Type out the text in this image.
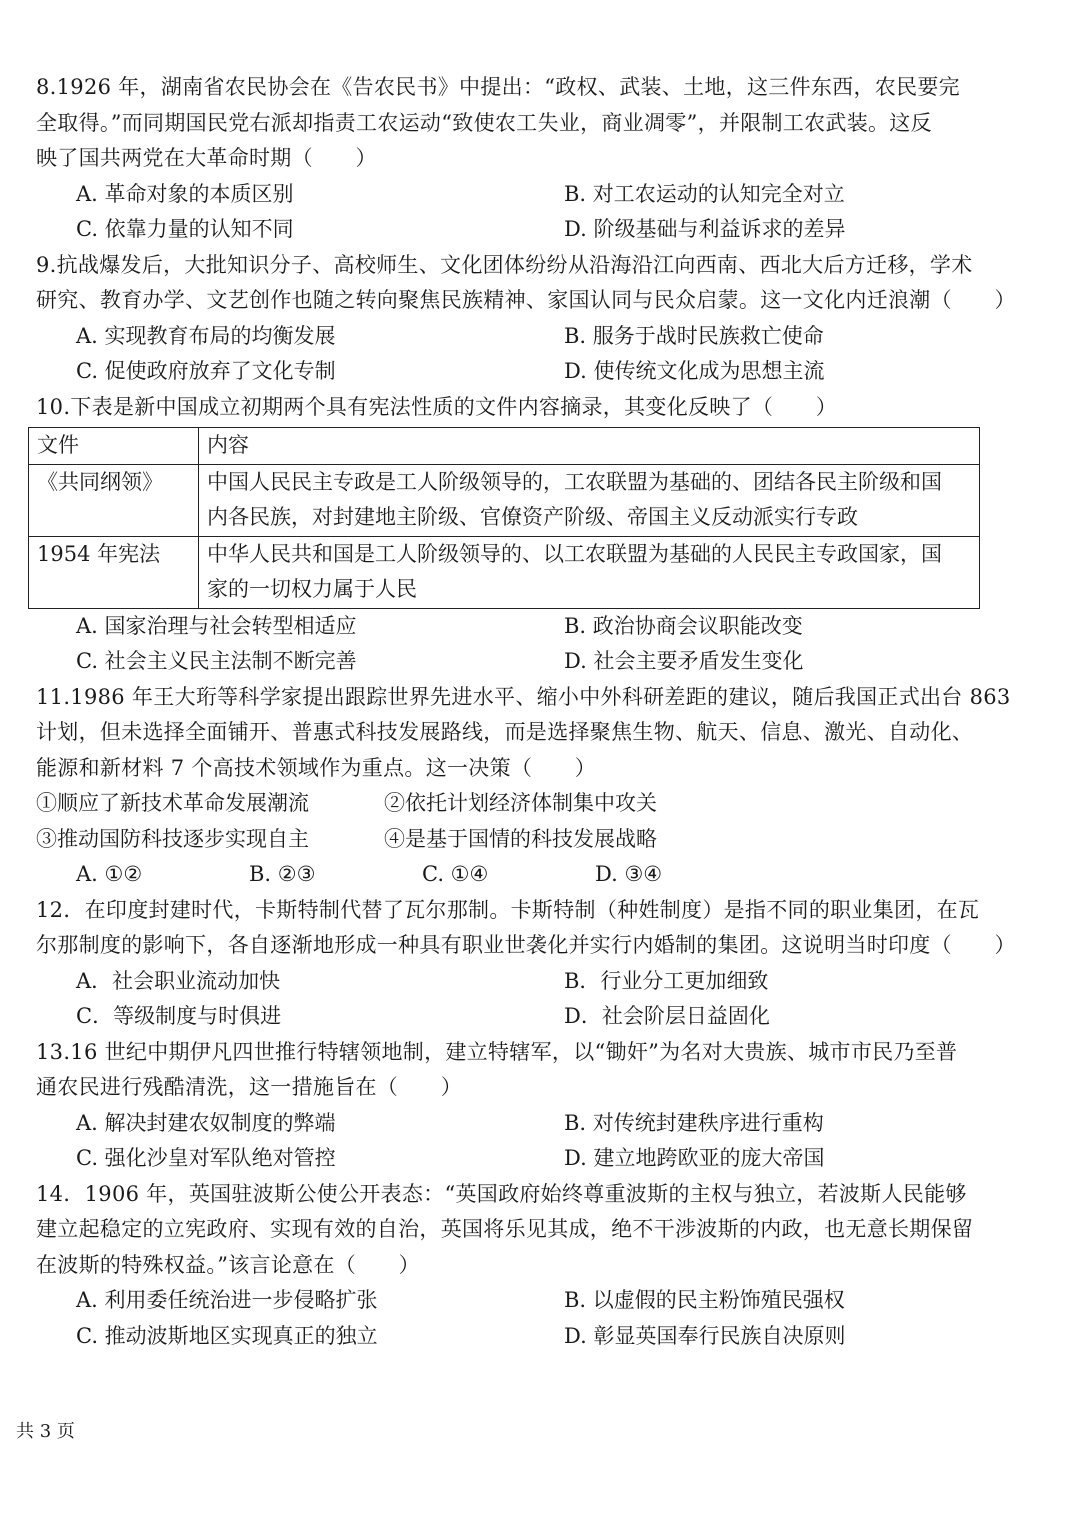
8.1926 年，湖南省农民协会在《告农民书》中提出：“政权、武装、土地，这三件东西，农民要完
全取得。”而同期国民党右派却指责工农运动“致使农工失业，商业凋零”，并限制工农武装。这反
映了国共两党在大革命时期（　　）
A. 革命对象的本质区别	B. 对工农运动的认知完全对立
C. 依靠力量的认知不同	D. 阶级基础与利益诉求的差异
9.抗战爆发后，大批知识分子、高校师生、文化团体纷纷从沿海沿江向西南、西北大后方迁移，学术
研究、教育办学、文艺创作也随之转向聚焦民族精神、家国认同与民众启蒙。这一文化内迁浪潮（　　）
A. 实现教育布局的均衡发展	B. 服务于战时民族救亡使命
C. 促使政府放弃了文化专制	D. 使传统文化成为思想主流
10.下表是新中国成立初期两个具有宪法性质的文件内容摘录，其变化反映了（　　）
文件	内容
《共同纲领》	中国人民民主专政是工人阶级领导的，工农联盟为基础的、团结各民主阶级和国
内各民族，对封建地主阶级、官僚资产阶级、帝国主义反动派实行专政

1954 年宪法	中华人民共和国是工人阶级领导的、以工农联盟为基础的人民民主专政国家，国
家的一切权力属于人民
A. 国家治理与社会转型相适应	B. 政治协商会议职能改变
C. 社会主义民主法制不断完善	D. 社会主要矛盾发生变化
11.1986 年王大珩等科学家提出跟踪世界先进水平、缩小中外科研差距的建议，随后我国正式出台 863
计划，但未选择全面铺开、普惠式科技发展路线，而是选择聚焦生物、航天、信息、激光、自动化、
能源和新材料 7 个高技术领域作为重点。这一决策（　　）
①顺应了新技术革命发展潮流	②依托计划经济体制集中攻关
③推动国防科技逐步实现自主	④是基于国情的科技发展战略
A. ①②	B. ②③	C. ①④	D. ③④
12．在印度封建时代，卡斯特制代替了瓦尔那制。卡斯特制（种姓制度）是指不同的职业集团，在瓦
尔那制度的影响下，各自逐渐地形成一种具有职业世袭化并实行内婚制的集团。这说明当时印度（　　）
A．社会职业流动加快	B．行业分工更加细致
C．等级制度与时俱进	D．社会阶层日益固化
13.16 世纪中期伊凡四世推行特辖领地制，建立特辖军，以“锄奸”为名对大贵族、城市市民乃至普
通农民进行残酷清洗，这一措施旨在（　　）
A. 解决封建农奴制度的弊端	B. 对传统封建秩序进行重构
C. 强化沙皇对军队绝对管控	D. 建立地跨欧亚的庞大帝国
14．1906 年，英国驻波斯公使公开表态：“英国政府始终尊重波斯的主权与独立，若波斯人民能够
建立起稳定的立宪政府、实现有效的自治，英国将乐见其成，绝不干涉波斯的内政，也无意长期保留
在波斯的特殊权益。”该言论意在（　　）
A. 利用委任统治进一步侵略扩张	B. 以虚假的民主粉饰殖民强权
C. 推动波斯地区实现真正的独立	D. 彰显英国奉行民族自决原则
共 3 页
